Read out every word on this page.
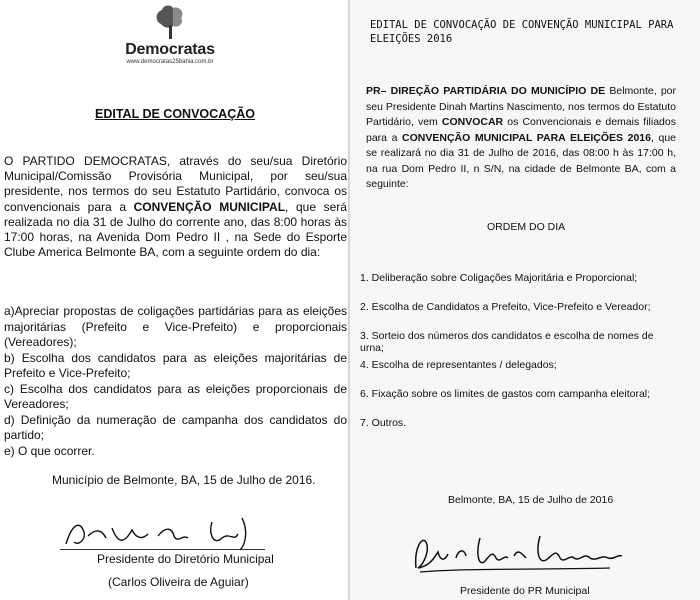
Democratas
www.democratas25bahia.com.br
EDITAL DE CONVOCAÇÃO
O PARTIDO DEMOCRATAS, através do seu/sua Diretório Municipal/Comissão Provisória Municipal, por seu/sua presidente, nos termos do seu Estatuto Partidário, convoca os convencionais para a CONVENÇÃO MUNICIPAL, que será realizada no dia 31 de Julho do corrente ano, das 8:00 horas às 17:00 horas, na Avenida Dom Pedro II , na Sede do Esporte Clube America Belmonte BA, com a seguinte ordem do dia:
a)Apreciar propostas de coligações partidárias para as eleições majoritárias (Prefeito e Vice-Prefeito) e proporcionais (Vereadores);
b) Escolha dos candidatos para as eleições majoritárias de Prefeito e Vice-Prefeito;
c) Escolha dos candidatos para as eleições proporcionais de Vereadores;
d) Definição da numeração de campanha dos candidatos do partido;
e) O que ocorrer.
Município de Belmonte, BA, 15 de Julho de 2016.
Presidente do Diretório Municipal
(Carlos Oliveira de Aguiar)
EDITAL DE CONVOCAÇÃO DE CONVENÇÃO MUNICIPAL PARA ELEIÇÕES 2016
PR– DIREÇÃO PARTIDÁRIA DO MUNICÍPIO DE Belmonte, por seu Presidente Dinah Martins Nascimento, nos termos do Estatuto Partidário, vem CONVOCAR os Convencionais e demais filiados para a CONVENÇÃO MUNICIPAL PARA ELEIÇÕES 2016, que se realizará no dia 31 de Julho de 2016, das 08:00 h às 17:00 h, na rua Dom Pedro II, n S/N, na cidade de Belmonte BA, com a seguinte:
ORDEM DO DIA
1. Deliberação sobre Coligações Majoritária e Proporcional;
2. Escolha de Candidatos a Prefeito, Vice-Prefeito e Vereador;
3. Sorteio dos números dos candidatos e escolha de nomes de urna;
4. Escolha de representantes / delegados;
6. Fixação sobre os limites de gastos com campanha eleitoral;
7. Outros.
Belmonte, BA, 15 de Julho de 2016
Presidente do PR Municipal
